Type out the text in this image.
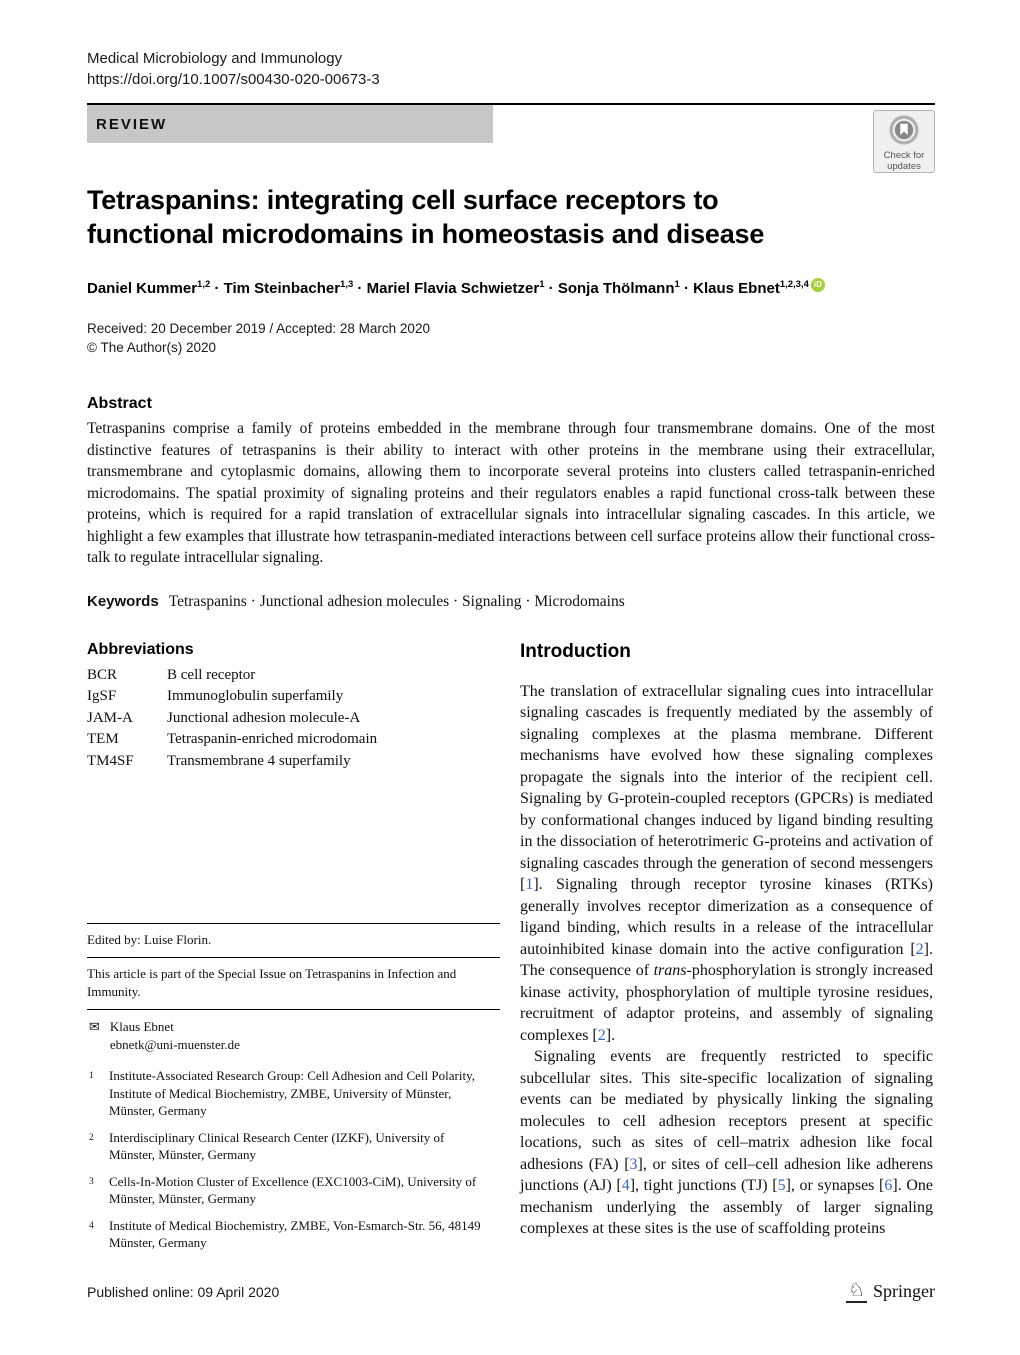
Medical Microbiology and Immunology
https://doi.org/10.1007/s00430-020-00673-3
REVIEW
Check for
updates
Tetraspanins: integrating cell surface receptors to functional microdomains in homeostasis and disease
Daniel Kummer$^{1,2}$ · Tim Steinbacher$^{1,3}$ · Mariel Flavia Schwietzer$^1$ · Sonja Thölmann$^1$ · Klaus Ebnet$^{1,2,3,4}$ iD
Received: 20 December 2019 / Accepted: 28 March 2020
© The Author(s) 2020
Abstract

Tetraspanins comprise a family of proteins embedded in the membrane through four transmembrane domains. One of the most distinctive features of tetraspanins is their ability to interact with other proteins in the membrane using their extracellular, transmembrane and cytoplasmic domains, allowing them to incorporate several proteins into clusters called tetraspanin-enriched microdomains. The spatial proximity of signaling proteins and their regulators enables a rapid functional cross-talk between these proteins, which is required for a rapid translation of extracellular signals into intracellular signaling cascades. In this article, we highlight a few examples that illustrate how tetraspanin-mediated interactions between cell surface proteins allow their functional cross-talk to regulate intracellular signaling.

Keywords Tetraspanins · Junctional adhesion molecules · Signaling · Microdomains
Abbreviations
BCR	B cell receptor
IgSF	Immunoglobulin superfamily
JAM-A	Junctional adhesion molecule-A
TEM	Tetraspanin-enriched microdomain
TM4SF	Transmembrane 4 superfamily
Edited by: Luise Florin.
This article is part of the Special Issue on Tetraspanins in Infection and Immunity.
✉ Klaus Ebnet
ebnetk@uni-muenster.de
1	Institute-Associated Research Group: Cell Adhesion and Cell Polarity, Institute of Medical Biochemistry, ZMBE, University of Münster, Münster, Germany
2	Interdisciplinary Clinical Research Center (IZKF), University of Münster, Münster, Germany
3	Cells-In-Motion Cluster of Excellence (EXC1003-CiM), University of Münster, Münster, Germany
4	Institute of Medical Biochemistry, ZMBE, Von-Esmarch-Str. 56, 48149 Münster, Germany
Introduction

The translation of extracellular signaling cues into intracellular signaling cascades is frequently mediated by the assembly of signaling complexes at the plasma membrane. Different mechanisms have evolved how these signaling complexes propagate the signals into the interior of the recipient cell. Signaling by G-protein-coupled receptors (GPCRs) is mediated by conformational changes induced by ligand binding resulting in the dissociation of heterotrimeric G-proteins and activation of signaling cascades through the generation of second messengers [1]. Signaling through receptor tyrosine kinases (RTKs) generally involves receptor dimerization as a consequence of ligand binding, which results in a release of the intracellular autoinhibited kinase domain into the active configuration [2]. The consequence of trans-phosphorylation is strongly increased kinase activity, phosphorylation of multiple tyrosine residues, recruitment of adaptor proteins, and assembly of signaling complexes [2].

Signaling events are frequently restricted to specific subcellular sites. This site-specific localization of signaling events can be mediated by physically linking the signaling molecules to cell adhesion receptors present at specific locations, such as sites of cell–matrix adhesion like focal adhesions (FA) [3], or sites of cell–cell adhesion like adherens junctions (AJ) [4], tight junctions (TJ) [5], or synapses [6]. One mechanism underlying the assembly of larger signaling complexes at these sites is the use of scaffolding proteins

Published online: 09 April 2020	♘ Springer
